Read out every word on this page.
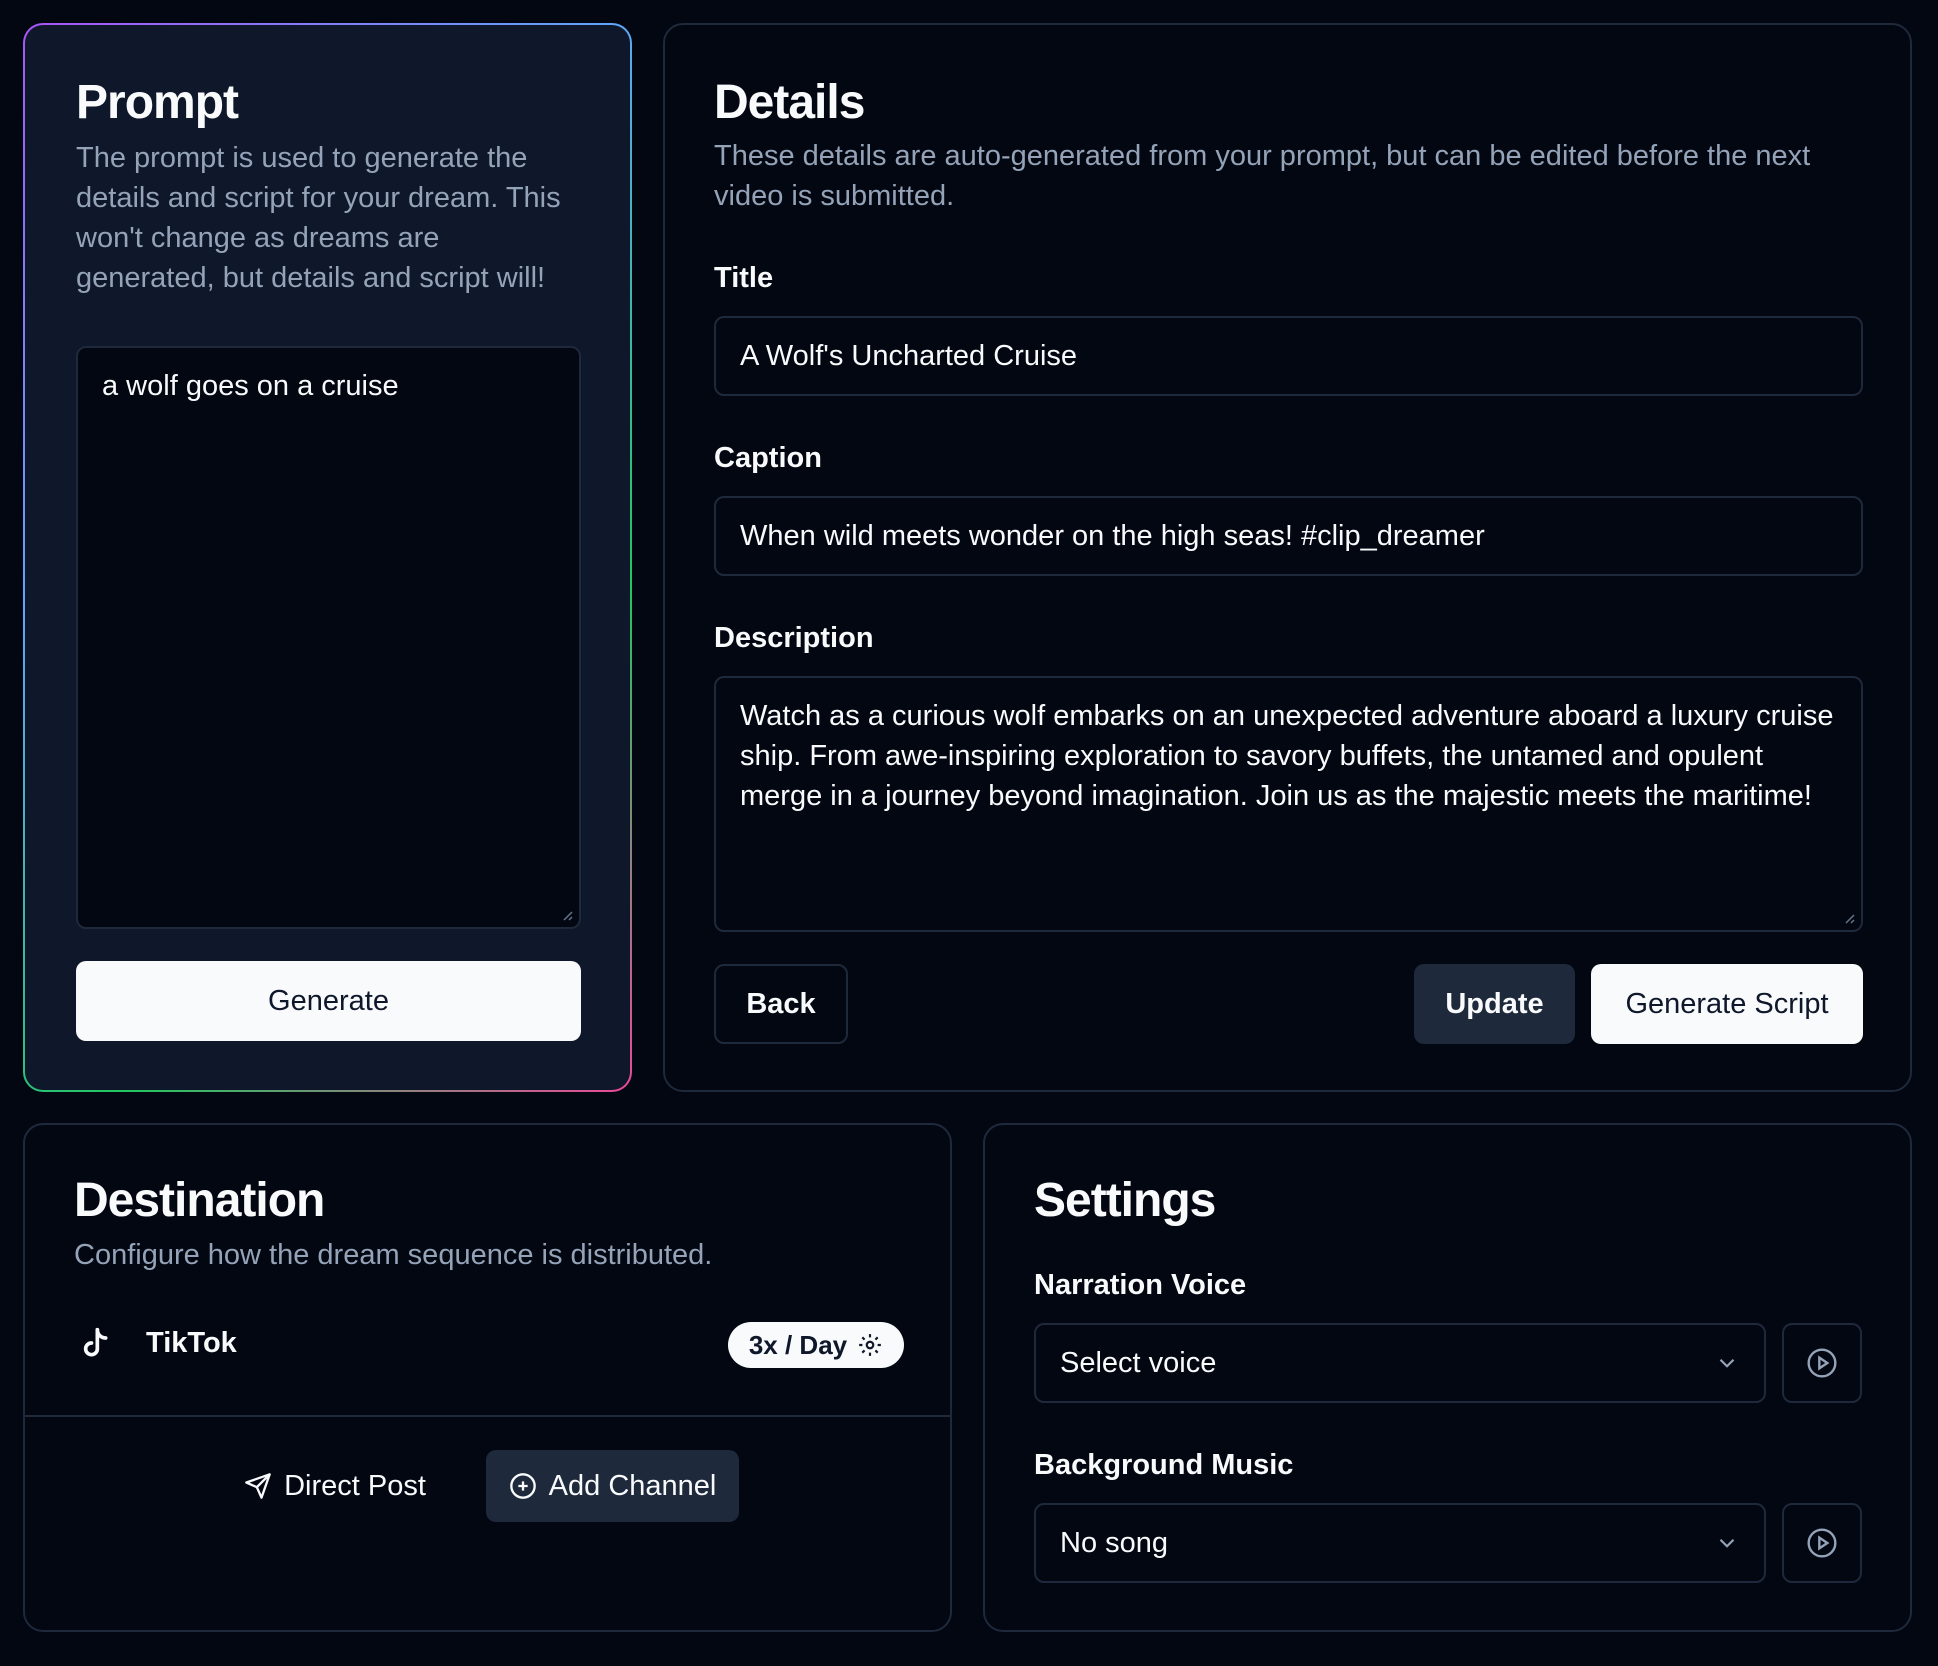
Prompt

The prompt is used to generate the details and script for your dream. This won't change as dreams are generated, but details and script will!

a wolf goes on a cruise
Generate
Details

These details are auto-generated from your prompt, but can be edited before the next video is submitted.

Title
A Wolf's Uncharted Cruise
Caption
When wild meets wonder on the high seas! #clip_dreamer
Description
Watch as a curious wolf embarks on an unexpected adventure aboard a luxury cruise ship. From awe-inspiring exploration to savory buffets, the untamed and opulent merge in a journey beyond imagination. Join us as the majestic meets the maritime!
Back	Update	Generate Script
Destination

Configure how the dream sequence is distributed.

TikTok	3x / Day
Direct Post	Add Channel
Settings
Narration Voice
Select voice
Background Music
No song
